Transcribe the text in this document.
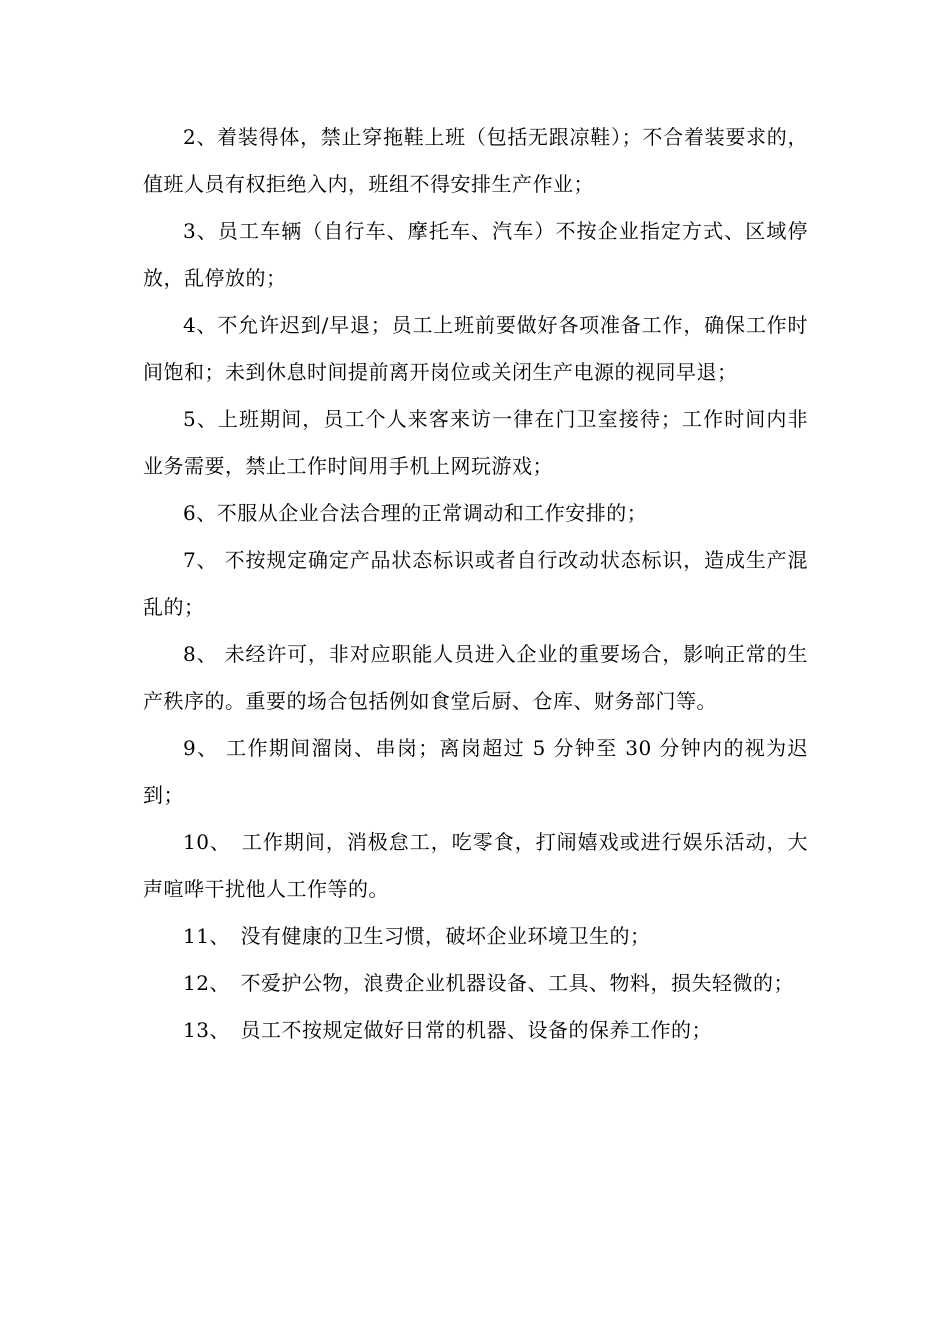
2、着装得体，禁止穿拖鞋上班（包括无跟凉鞋）；不合着装要求的，值班人员有权拒绝入内，班组不得安排生产作业；

3、员工车辆（自行车、摩托车、汽车）不按企业指定方式、区域停放，乱停放的；

4、不允许迟到/早退；员工上班前要做好各项准备工作，确保工作时间饱和；未到休息时间提前离开岗位或关闭生产电源的视同早退；

5、上班期间，员工个人来客来访一律在门卫室接待；工作时间内非业务需要，禁止工作时间用手机上网玩游戏；

6、不服从企业合法合理的正常调动和工作安排的；

7、 不按规定确定产品状态标识或者自行改动状态标识，造成生产混乱的；

8、 未经许可，非对应职能人员进入企业的重要场合，影响正常的生产秩序的。重要的场合包括例如食堂后厨、仓库、财务部门等。

9、 工作期间溜岗、串岗；离岗超过 5 分钟至 30 分钟内的视为迟到；

10、　工作期间，消极怠工，吃零食，打闹嬉戏或进行娱乐活动，大声喧哗干扰他人工作等的。

11、　没有健康的卫生习惯，破坏企业环境卫生的；

12、　不爱护公物，浪费企业机器设备、工具、物料，损失轻微的；

13、　员工不按规定做好日常的机器、设备的保养工作的；
